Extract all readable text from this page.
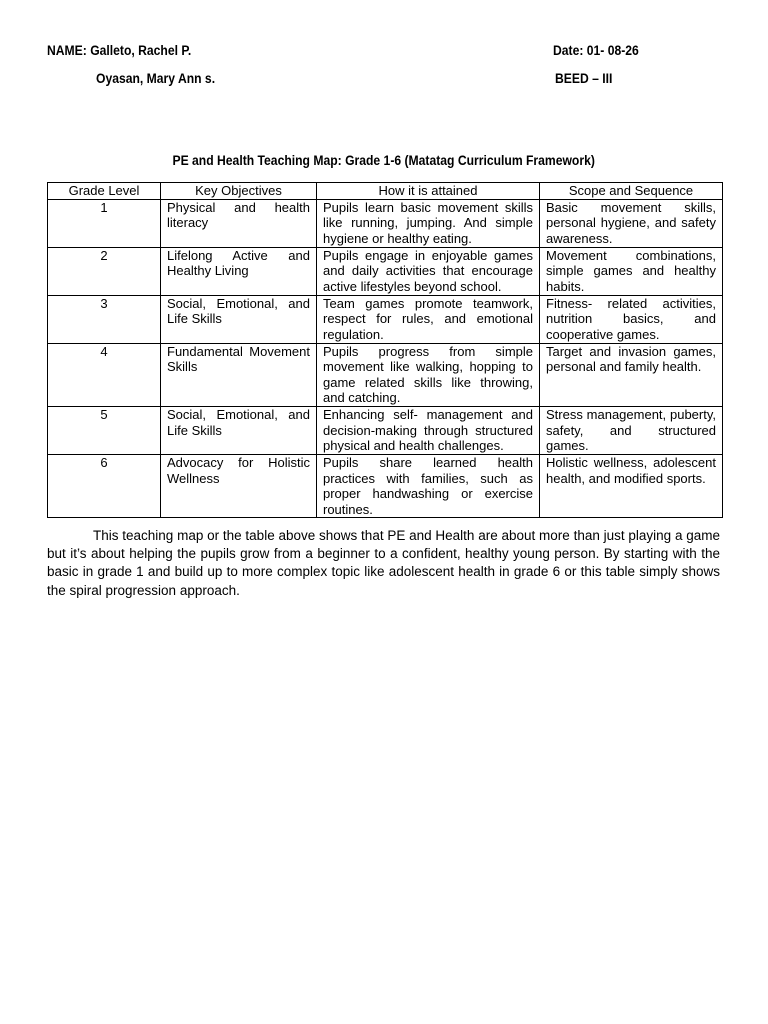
NAME: Galleto, Rachel P.	Date: 01- 08-26
Oyasan, Mary Ann s.	BEED – III
PE and Health Teaching Map: Grade 1-6 (Matatag Curriculum Framework)
Grade Level	Key Objectives	How it is attained	Scope and Sequence
1	Physical and health literacy	Pupils learn basic movement skills like running, jumping. And simple hygiene or healthy eating.	Basic movement skills, personal hygiene, and safety awareness.
2	Lifelong Active and Healthy Living	Pupils engage in enjoyable games and daily activities that encourage active lifestyles beyond school.	Movement combinations, simple games and healthy habits.
3	Social, Emotional, and Life Skills	Team games promote teamwork, respect for rules, and emotional regulation.	Fitness- related activities, nutrition basics, and cooperative games.
4	Fundamental Movement Skills	Pupils progress from simple movement like walking, hopping to game related skills like throwing, and catching.	Target and invasion games, personal and family health.
5	Social, Emotional, and Life Skills	Enhancing self- management and decision-making through structured physical and health challenges.	Stress management, puberty, safety, and structured games.
6	Advocacy for Holistic Wellness	Pupils share learned health practices with families, such as proper handwashing or exercise routines.	Holistic wellness, adolescent health, and modified sports.

This teaching map or the table above shows that PE and Health are about more than just playing a game but it’s about helping the pupils grow from a beginner to a confident, healthy young person. By starting with the basic in grade 1 and build up to more complex topic like adolescent health in grade 6 or this table simply shows the spiral progression approach.
